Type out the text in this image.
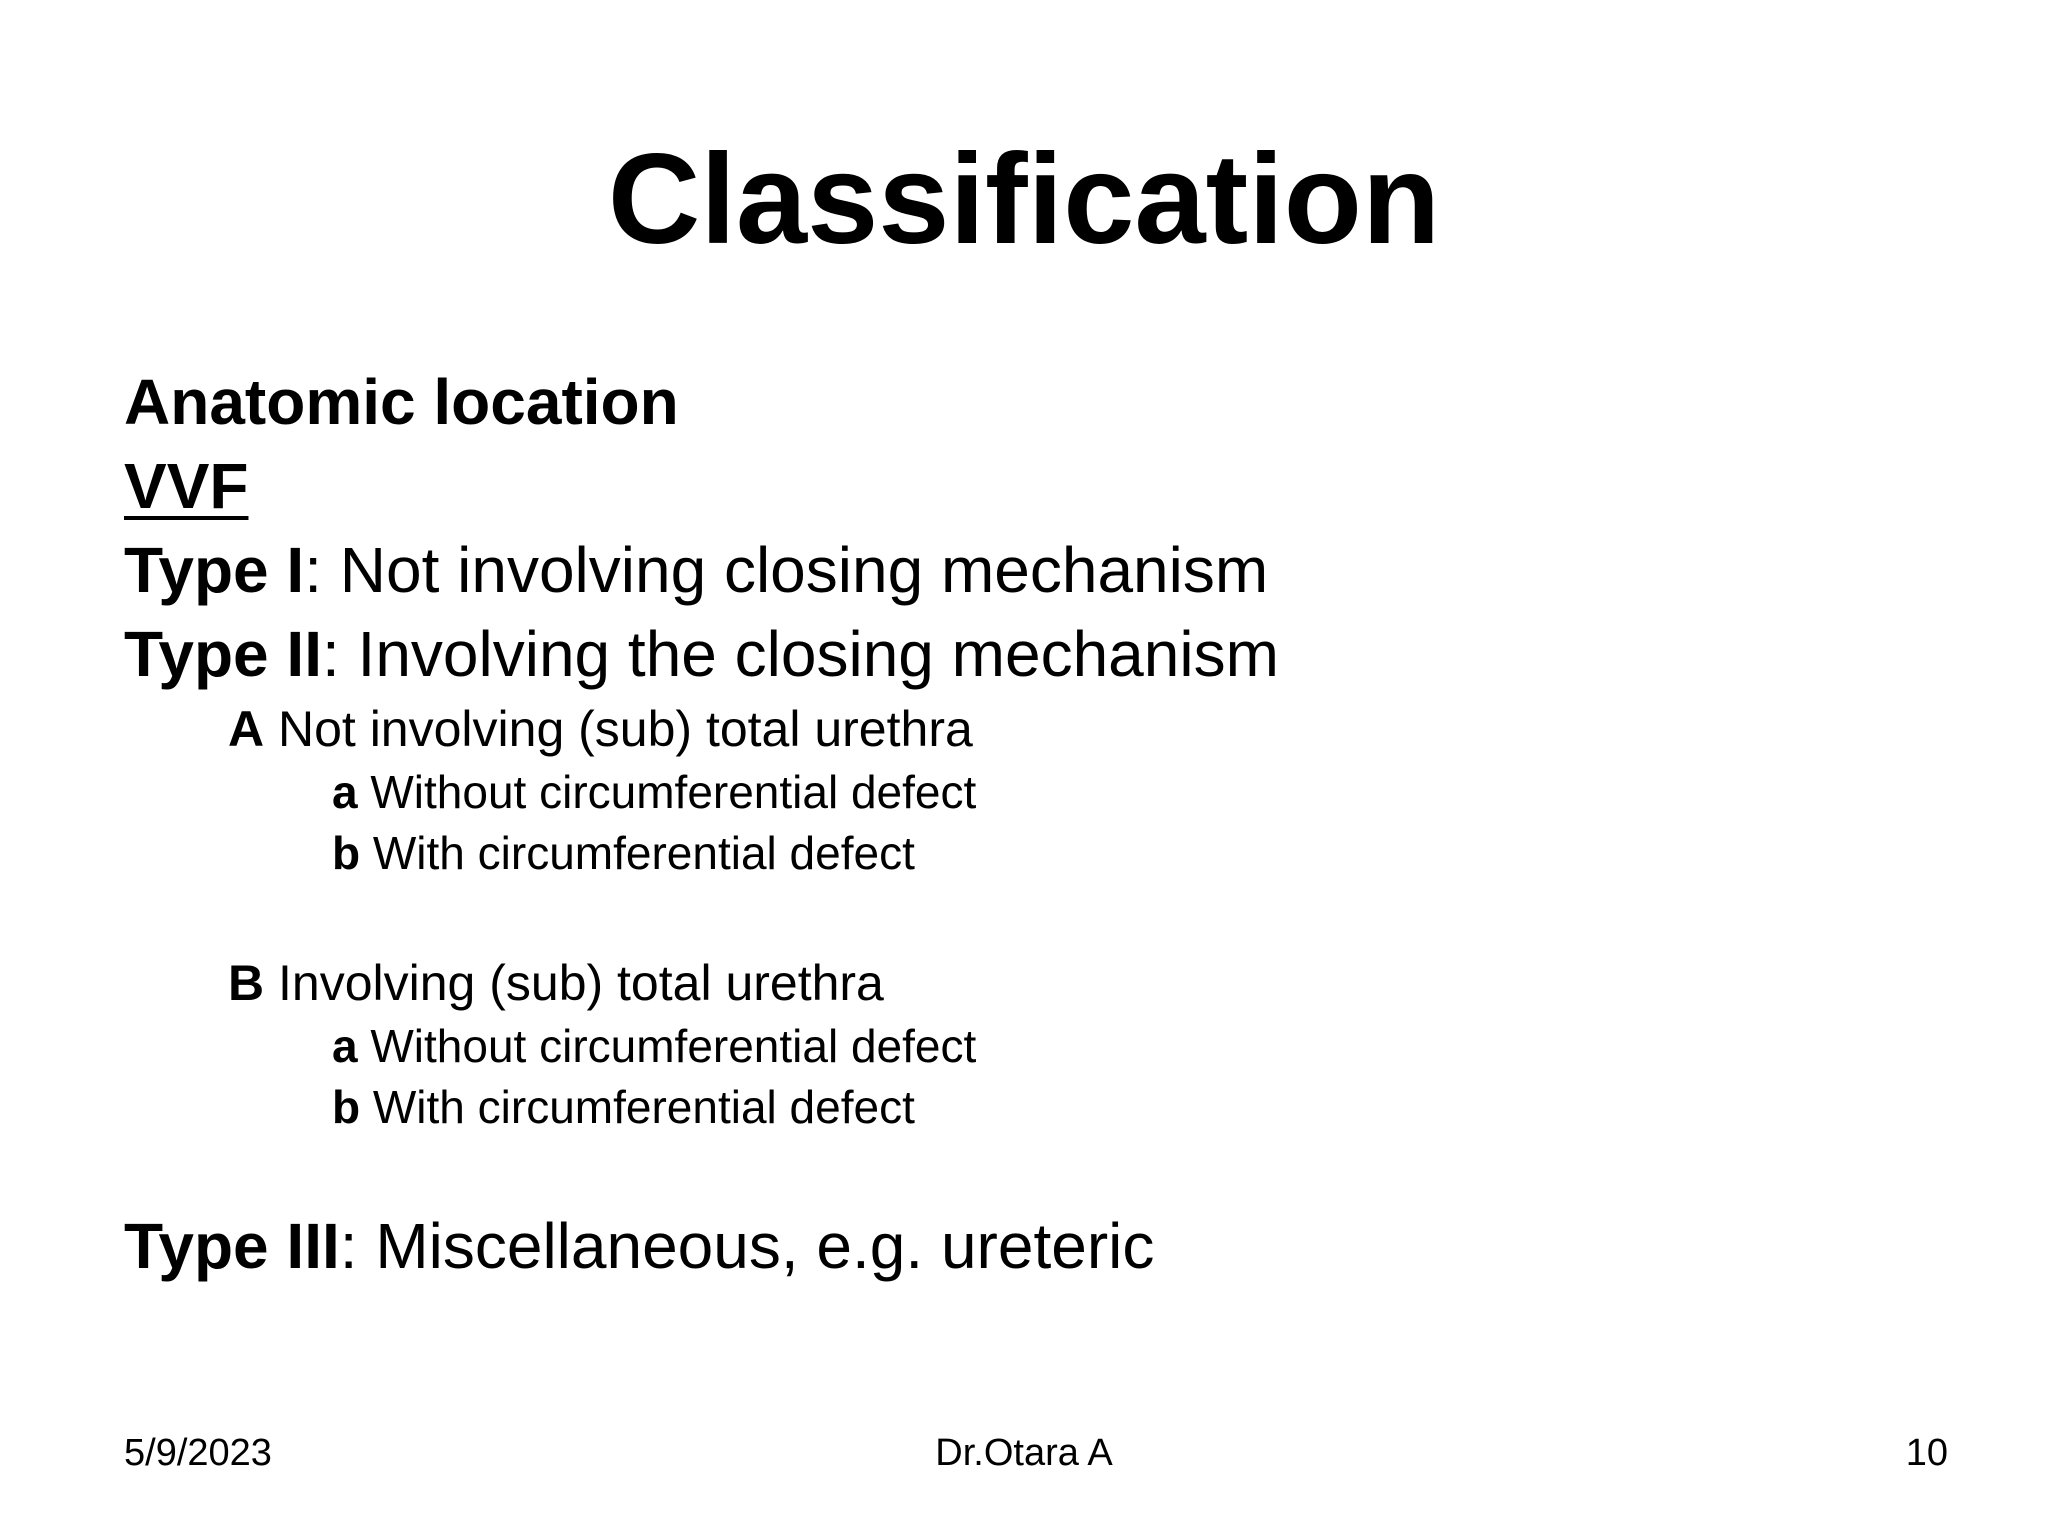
Classification
Anatomic location
VVF
Type I: Not involving closing mechanism
Type II: Involving the closing mechanism
A Not involving (sub) total urethra
a Without circumferential defect
b With circumferential defect
B Involving (sub) total urethra
a Without circumferential defect
b With circumferential defect
Type III: Miscellaneous, e.g. ureteric
5/9/2023	Dr.Otara A	10
